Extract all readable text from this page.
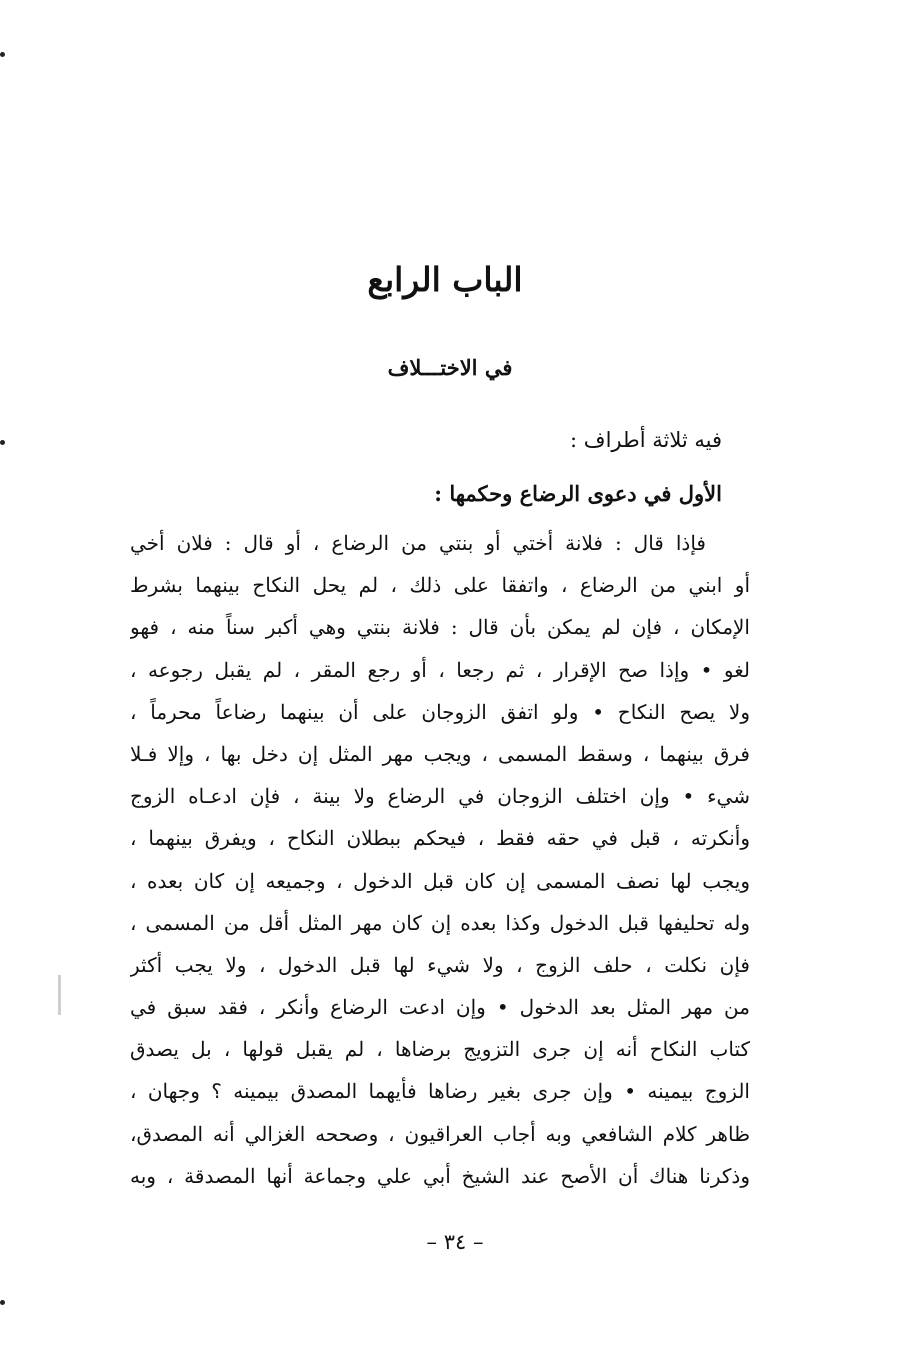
الباب الرابع
في الاختـــلاف
فيه ثلاثة أطراف :
الأول في دعوى الرضاع وحكمها :
فإذا قال : فلانة أختي أو بنتي من الرضاع ، أو قال : فلان أخي
أو ابني من الرضاع ، واتفقا على ذلك ، لم يحل النكاح بينهما بشرط
الإمكان ، فإن لم يمكن بأن قال : فلانة بنتي وهي أكبر سناً منه ، فهو
لغو • وإذا صح الإقرار ، ثم رجعا ، أو رجع المقر ، لم يقبل رجوعه ،
ولا يصح النكاح • ولو اتفق الزوجان على أن بينهما رضاعاً محرماً ،
فرق بينهما ، وسقط المسمى ، ويجب مهر المثل إن دخل بها ، وإلا فـلا
شيء • وإن اختلف الزوجان في الرضاع ولا بينة ، فإن ادعـاه الزوج
وأنكرته ، قبل في حقه فقط ، فيحكم ببطلان النكاح ، ويفرق بينهما ،
ويجب لها نصف المسمى إن كان قبل الدخول ، وجميعه إن كان بعده ،
وله تحليفها قبل الدخول وكذا بعده إن كان مهر المثل أقل من المسمى ،
فإن نكلت ، حلف الزوج ، ولا شيء لها قبل الدخول ، ولا يجب أكثر
من مهر المثل بعد الدخول • وإن ادعت الرضاع وأنكر ، فقد سبق في
كتاب النكاح أنه إن جرى التزويج برضاها ، لم يقبل قولها ، بل يصدق
الزوج بيمينه • وإن جرى بغير رضاها فأيهما المصدق بيمينه ؟ وجهان ،
ظاهر كلام الشافعي وبه أجاب العراقيون ، وصححه الغزالي أنه المصدق،
وذكرنا هناك أن الأصح عند الشيخ أبي علي وجماعة أنها المصدقة ، وبه
– ٣٤ –
